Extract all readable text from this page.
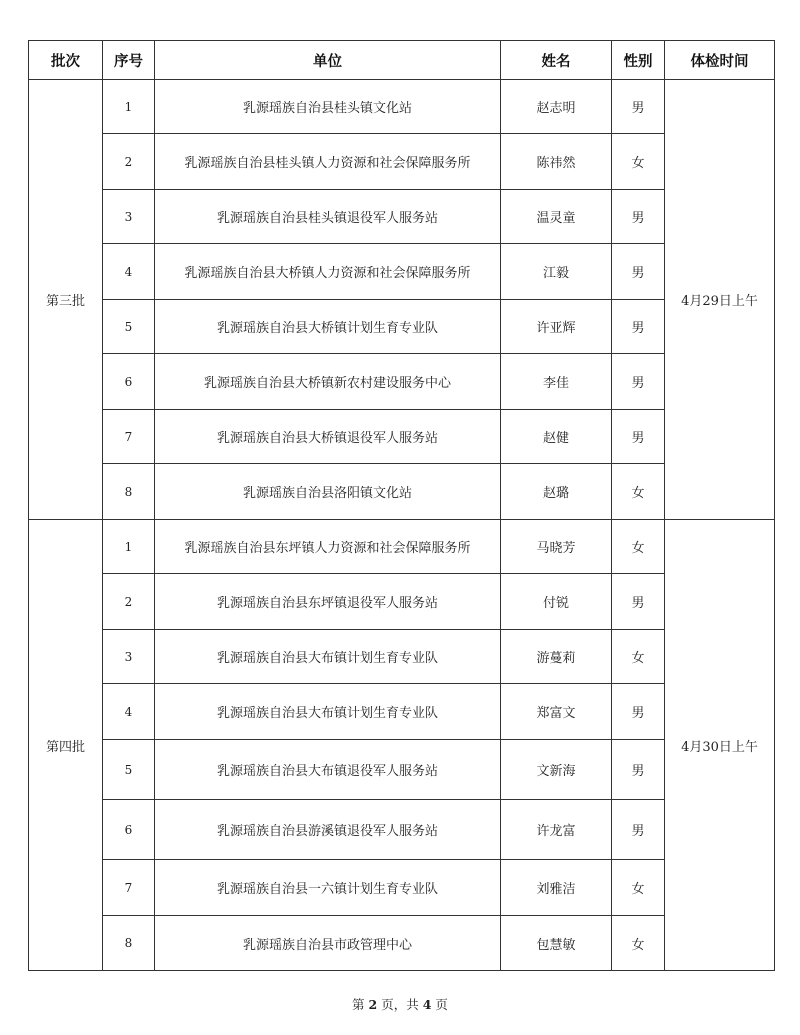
批次	序号	单位	姓名	性别	体检时间
第三批	1	乳源瑶族自治县桂头镇文化站	赵志明	男	4月29日上午
	2	乳源瑶族自治县桂头镇人力资源和社会保障服务所	陈祎然	女	
	3	乳源瑶族自治县桂头镇退役军人服务站	温灵童	男	
	4	乳源瑶族自治县大桥镇人力资源和社会保障服务所	江毅	男	
	5	乳源瑶族自治县大桥镇计划生育专业队	许亚辉	男	
	6	乳源瑶族自治县大桥镇新农村建设服务中心	李佳	男	
	7	乳源瑶族自治县大桥镇退役军人服务站	赵健	男	
	8	乳源瑶族自治县洛阳镇文化站	赵璐	女	
第四批	1	乳源瑶族自治县东坪镇人力资源和社会保障服务所	马晓芳	女	4月30日上午
	2	乳源瑶族自治县东坪镇退役军人服务站	付锐	男	
	3	乳源瑶族自治县大布镇计划生育专业队	游蔓莉	女	
	4	乳源瑶族自治县大布镇计划生育专业队	郑富文	男	
	5	乳源瑶族自治县大布镇退役军人服务站	文新海	男	
	6	乳源瑶族自治县游溪镇退役军人服务站	许龙富	男	
	7	乳源瑶族自治县一六镇计划生育专业队	刘雅洁	女	
	8	乳源瑶族自治县市政管理中心	包慧敏	女	
第 2 页，共 4 页
